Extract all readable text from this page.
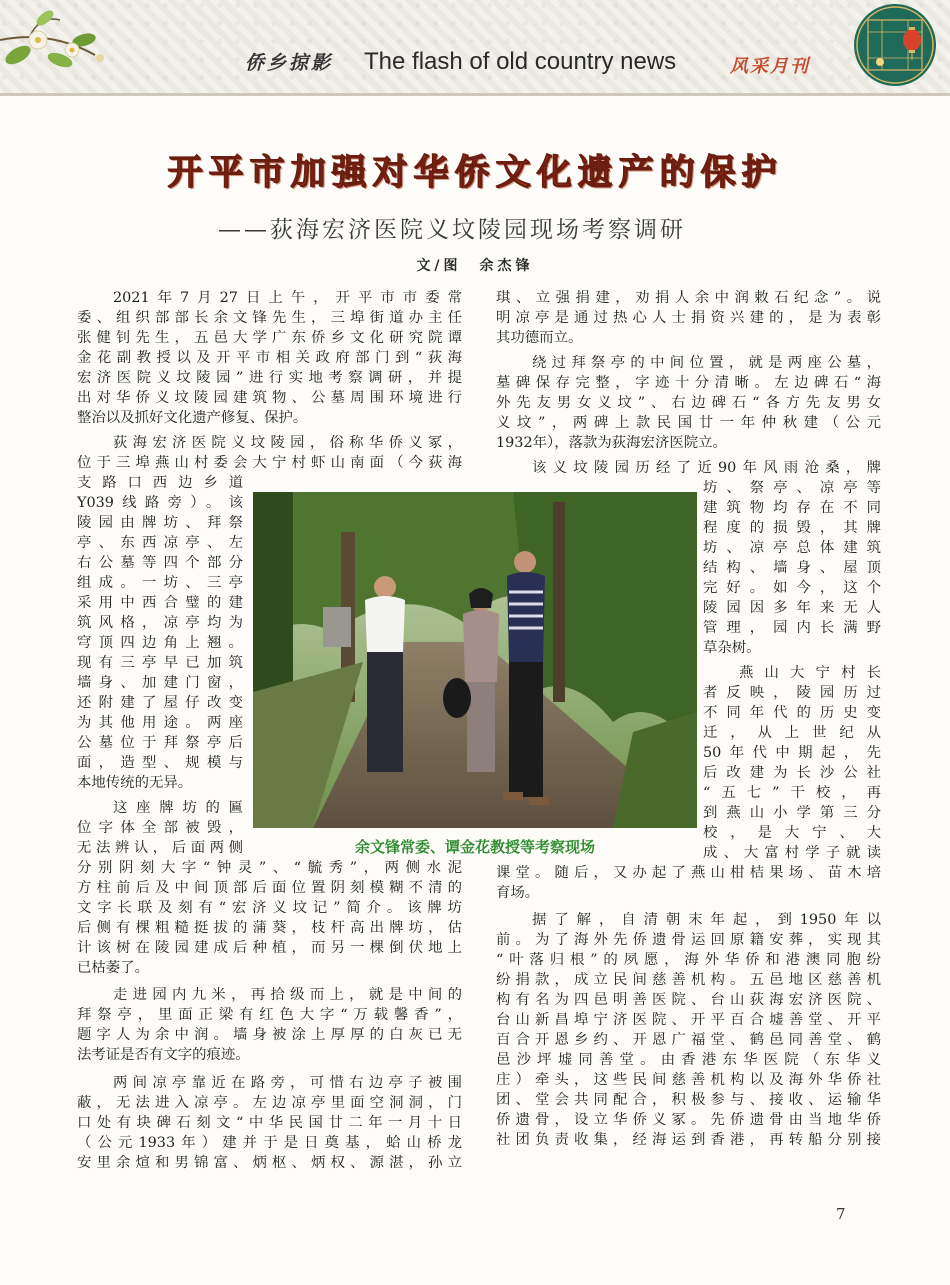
侨乡掠影 The flash of old country news	风采月刊
开平市加强对华侨文化遗产的保护
——荻海宏济医院义坟陵园现场考察调研
文/图　余杰锋
2021年7月27日上午，开平市市委常
委、组织部部长余文锋先生，三埠街道办主任
张健钊先生，五邑大学广东侨乡文化研究院谭
金花副教授以及开平市相关政府部门到“荻海
宏济医院义坟陵园”进行实地考察调研，并提
出对华侨义坟陵园建筑物、公墓周围环境进行
整治以及抓好文化遗产修复、保护。
荻海宏济医院义坟陵园，俗称华侨义冢，
位于三埠燕山村委会大宁村虾山南面（今荻海
支路口西边乡道
Y039线路旁）。该
陵园由牌坊、拜祭
亭、东西凉亭、左
右公墓等四个部分
组成。一坊、三亭
采用中西合璧的建
筑风格，凉亭均为
穹顶四边角上翘。
现有三亭早已加筑
墙身、加建门窗，
还附建了屋仔改变
为其他用途。两座
公墓位于拜祭亭后
面，造型、规模与
本地传统的无异。
这座牌坊的匾
位字体全部被毁，
无法辨认，后面两侧
分别阴刻大字“钟灵”、“毓秀”，两侧水泥
方柱前后及中间顶部后面位置阴刻模糊不清的
文字长联及刻有“宏济义坟记”简介。该牌坊
后侧有棵粗糙挺拔的蒲葵，枝杆高出牌坊，估
计该树在陵园建成后种植，而另一棵倒伏地上
已枯萎了。
走进园内九米，再拾级而上，就是中间的
拜祭亭，里面正梁有红色大字“万载馨香”，
题字人为余中润。墙身被涂上厚厚的白灰已无
法考证是否有文字的痕迹。
两间凉亭靠近在路旁，可惜右边亭子被围
蔽，无法进入凉亭。左边凉亭里面空洞洞，门
口处有块碑石刻文“中华民国廿二年一月十日
（公元1933年）建并于是日奠基，蛤山桥龙
安里余煊和男锦富、炳枢、炳权、源湛，孙立
琪、立强捐建，劝捐人余中润敕石纪念”。说
明凉亭是通过热心人士捐资兴建的，是为表彰
其功德而立。
绕过拜祭亭的中间位置，就是两座公墓，
墓碑保存完整，字迹十分清晰。左边碑石“海
外先友男女义坟”、右边碑石“各方先友男女
义坟”，两碑上款民国廿一年仲秋建（公元
1932年），落款为荻海宏济医院立。
该义坟陵园历经了近90年风雨沧桑，牌
坊、祭亭、凉亭等
建筑物均存在不同
程度的损毁，其牌
坊、凉亭总体建筑
结构、墙身、屋顶
完好。如今，这个
陵园因多年来无人
管理，园内长满野
草杂树。
燕山大宁村长
者反映，陵园历过
不同年代的历史变
迁，从上世纪从
50年代中期起，先
后改建为长沙公社
“五七”干校，再
到燕山小学第三分
校，是大宁、大
成、大富村学子就读
课堂。随后，又办起了燕山柑桔果场、苗木培
育场。
据了解，自清朝末年起，到1950年以
前。为了海外先侨遗骨运回原籍安葬，实现其
“叶落归根”的夙愿，海外华侨和港澳同胞纷
纷捐款，成立民间慈善机构。五邑地区慈善机
构有名为四邑明善医院、台山荻海宏济医院、
台山新昌埠宁济医院、开平百合墟善堂、开平
百合开恩乡约、开恩广福堂、鹤邑同善堂、鹤
邑沙坪墟同善堂。由香港东华医院（东华义
庄）牵头，这些民间慈善机构以及海外华侨社
团、堂会共同配合，积极参与、接收、运输华
侨遗骨，设立华侨义冢。先侨遗骨由当地华侨
社团负责收集，经海运到香港，再转船分别接
余文锋常委、谭金花教授等考察现场
7
